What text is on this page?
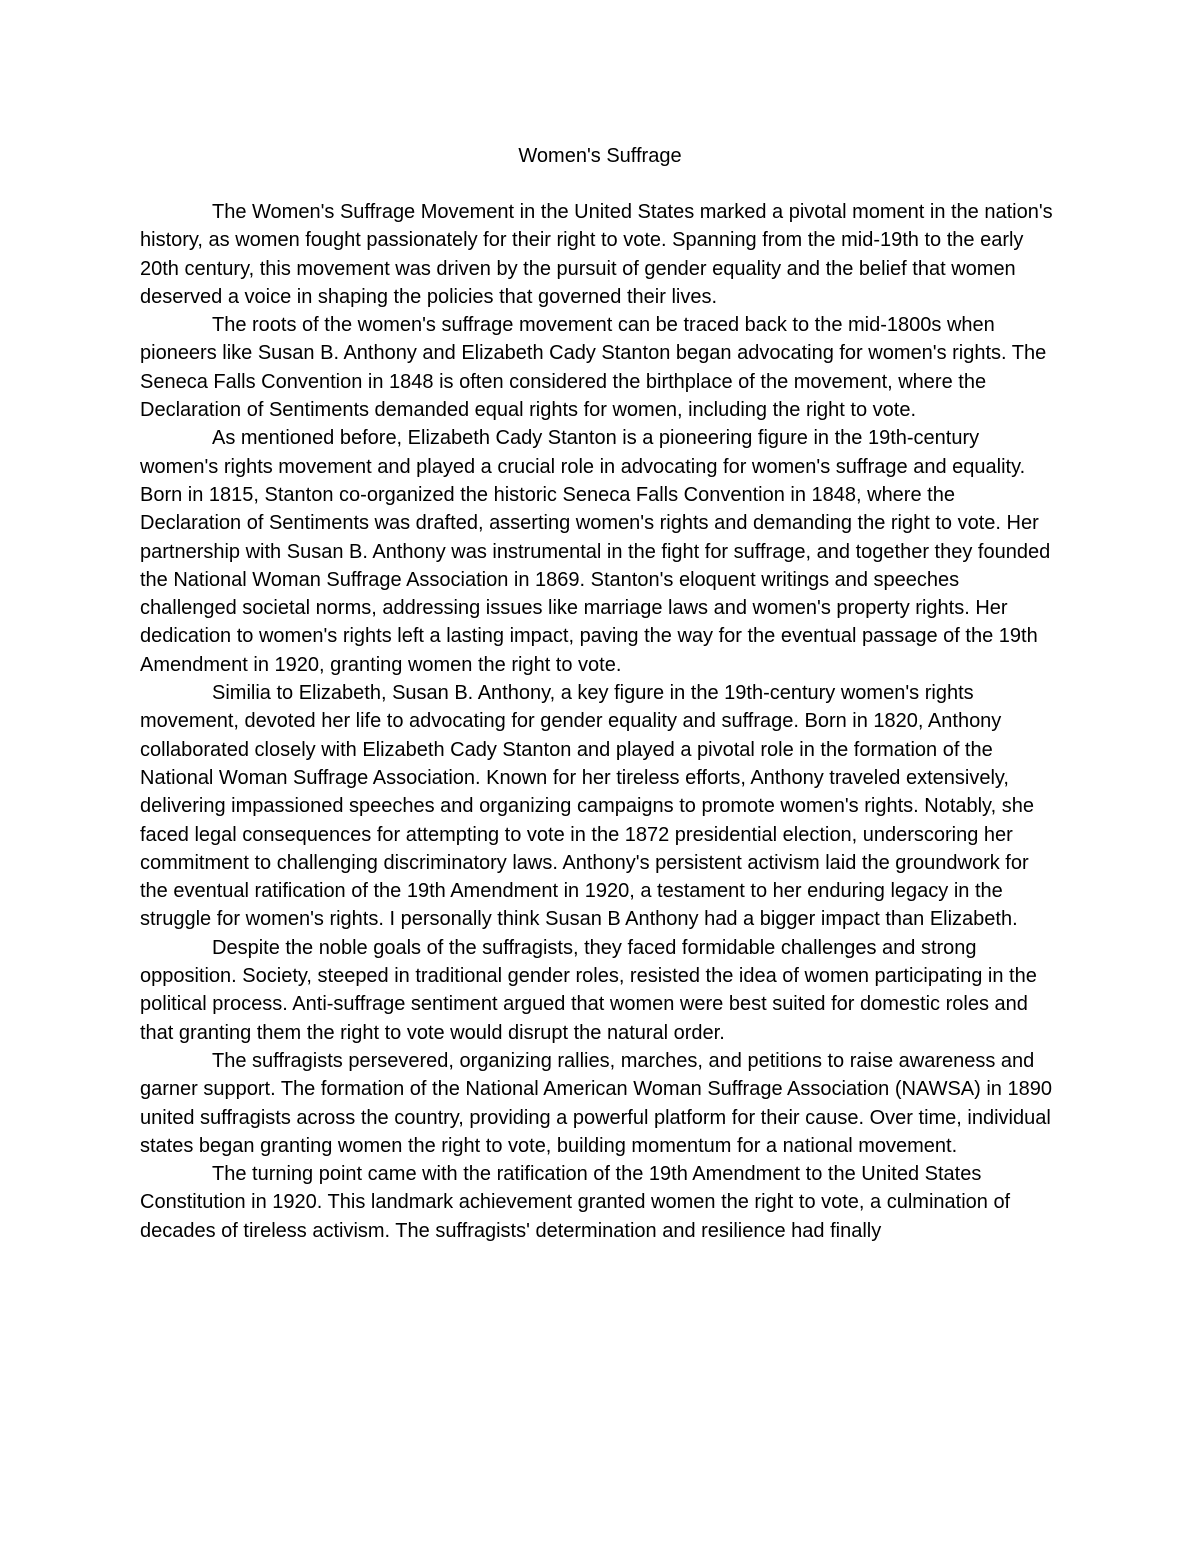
Women's Suffrage

The Women's Suffrage Movement in the United States marked a pivotal moment in the nation's history, as women fought passionately for their right to vote. Spanning from the mid-19th to the early 20th century, this movement was driven by the pursuit of gender equality and the belief that women deserved a voice in shaping the policies that governed their lives.

The roots of the women's suffrage movement can be traced back to the mid-1800s when pioneers like Susan B. Anthony and Elizabeth Cady Stanton began advocating for women's rights. The Seneca Falls Convention in 1848 is often considered the birthplace of the movement, where the Declaration of Sentiments demanded equal rights for women, including the right to vote.

As mentioned before, Elizabeth Cady Stanton is a pioneering figure in the 19th-century women's rights movement and played a crucial role in advocating for women's suffrage and equality. Born in 1815, Stanton co-organized the historic Seneca Falls Convention in 1848, where the Declaration of Sentiments was drafted, asserting women's rights and demanding the right to vote. Her partnership with Susan B. Anthony was instrumental in the fight for suffrage, and together they founded the National Woman Suffrage Association in 1869. Stanton's eloquent writings and speeches challenged societal norms, addressing issues like marriage laws and women's property rights. Her dedication to women's rights left a lasting impact, paving the way for the eventual passage of the 19th Amendment in 1920, granting women the right to vote.

Similia to Elizabeth, Susan B. Anthony, a key figure in the 19th-century women's rights movement, devoted her life to advocating for gender equality and suffrage. Born in 1820, Anthony collaborated closely with Elizabeth Cady Stanton and played a pivotal role in the formation of the National Woman Suffrage Association. Known for her tireless efforts, Anthony traveled extensively, delivering impassioned speeches and organizing campaigns to promote women's rights. Notably, she faced legal consequences for attempting to vote in the 1872 presidential election, underscoring her commitment to challenging discriminatory laws. Anthony's persistent activism laid the groundwork for the eventual ratification of the 19th Amendment in 1920, a testament to her enduring legacy in the struggle for women's rights. I personally think Susan B Anthony had a bigger impact than Elizabeth.

Despite the noble goals of the suffragists, they faced formidable challenges and strong opposition. Society, steeped in traditional gender roles, resisted the idea of women participating in the political process. Anti-suffrage sentiment argued that women were best suited for domestic roles and that granting them the right to vote would disrupt the natural order.

The suffragists persevered, organizing rallies, marches, and petitions to raise awareness and garner support. The formation of the National American Woman Suffrage Association (NAWSA) in 1890 united suffragists across the country, providing a powerful platform for their cause. Over time, individual states began granting women the right to vote, building momentum for a national movement.

The turning point came with the ratification of the 19th Amendment to the United States Constitution in 1920. This landmark achievement granted women the right to vote, a culmination of decades of tireless activism. The suffragists' determination and resilience had finally
